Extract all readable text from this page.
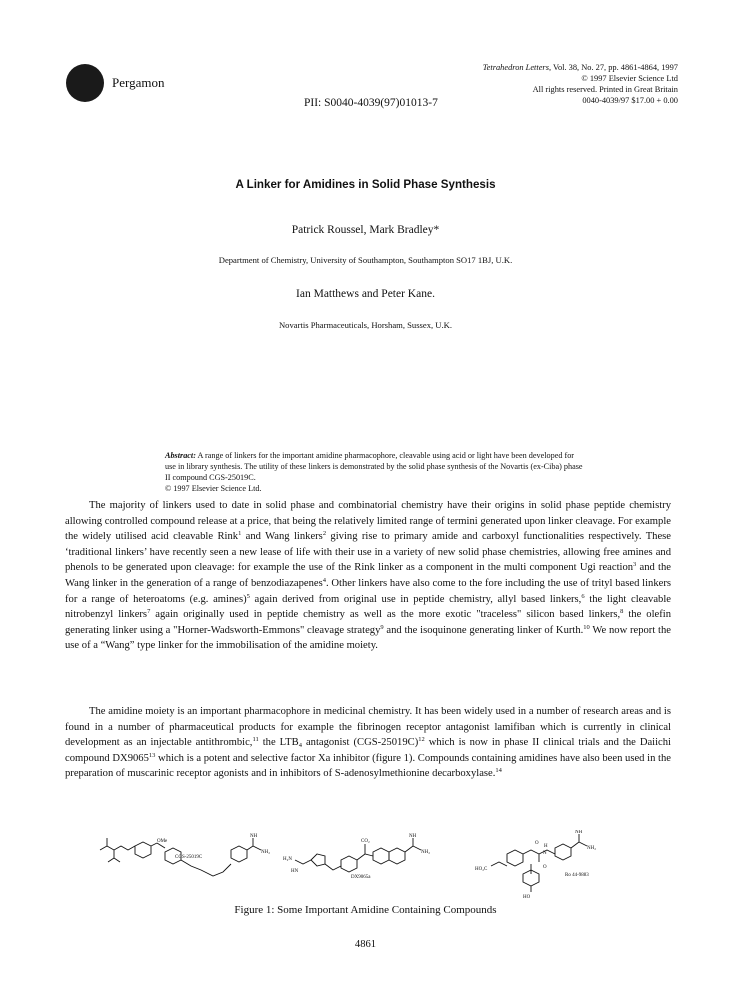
Pergamon
Tetrahedron Letters, Vol. 38, No. 27, pp. 4861-4864, 1997
© 1997 Elsevier Science Ltd
All rights reserved. Printed in Great Britain
0040-4039/97 $17.00 + 0.00
PII: S0040-4039(97)01013-7
A Linker for Amidines in Solid Phase Synthesis
Patrick Roussel, Mark Bradley*
Department of Chemistry, University of Southampton, Southampton SO17 1BJ, U.K.
Ian Matthews and Peter Kane.
Novartis Pharmaceuticals, Horsham, Sussex, U.K.
Abstract: A range of linkers for the important amidine pharmacophore, cleavable using acid or light have been developed for use in library synthesis. The utility of these linkers is demonstrated by the solid phase synthesis of the Novartis (ex-Ciba) phase II compound CGS-25019C.
© 1997 Elsevier Science Ltd.

The majority of linkers used to date in solid phase and combinatorial chemistry have their origins in solid phase peptide chemistry allowing controlled compound release at a price, that being the relatively limited range of termini generated upon linker cleavage. For example the widely utilised acid cleavable Rink$^1$ and Wang linkers$^2$ giving rise to primary amide and carboxyl functionalities respectively. These ‘traditional linkers’ have recently seen a new lease of life with their use in a variety of new solid phase chemistries, allowing free amines and phenols to be generated upon cleavage: for example the use of the Rink linker as a component in the multi component Ugi reaction$^3$ and the Wang linker in the generation of a range of benzodiazapenes$^4$. Other linkers have also come to the fore including the use of trityl based linkers for a range of heteroatoms (e.g. amines)$^5$ again derived from original use in peptide chemistry, allyl based linkers,$^6$ the light cleavable nitrobenzyl linkers$^7$ again originally used in peptide chemistry as well as the more exotic "traceless" silicon based linkers,$^8$ the olefin generating linker using a "Horner-Wadsworth-Emmons" cleavage strategy$^9$ and the isoquinone generating linker of Kurth.$^{10}$ We now report the use of a “Wang” type linker for the immobilisation of the amidine moiety.

The amidine moiety is an important pharmacophore in medicinal chemistry. It has been widely used in a number of research areas and is found in a number of pharmaceutical products for example the fibrinogen receptor antagonist lamifiban which is currently in clinical development as an injectable antithrombic,$^{11}$ the $LTB_4$ antagonist $(CGS-25019C)^{12}$ which is now in phase II clinical trials and the Daiichi compound DX9065$^{13}$ which is a potent and selective factor Xa inhibitor (figure 1). Compounds containing amidines have also been used in the preparation of muscarinic receptor agonists and in inhibitors of S-adenosylmethionine decarboxylase.$^{14}$

OMe
CGS-25019C
NH
NH₂
H₂N
HN
CO₂
NH
NH₂
DX9065a
NH
NH₂
H
N
O
O
HO₂C
Ro 44-9883
HO
Figure 1: Some Important Amidine Containing Compounds
4861
